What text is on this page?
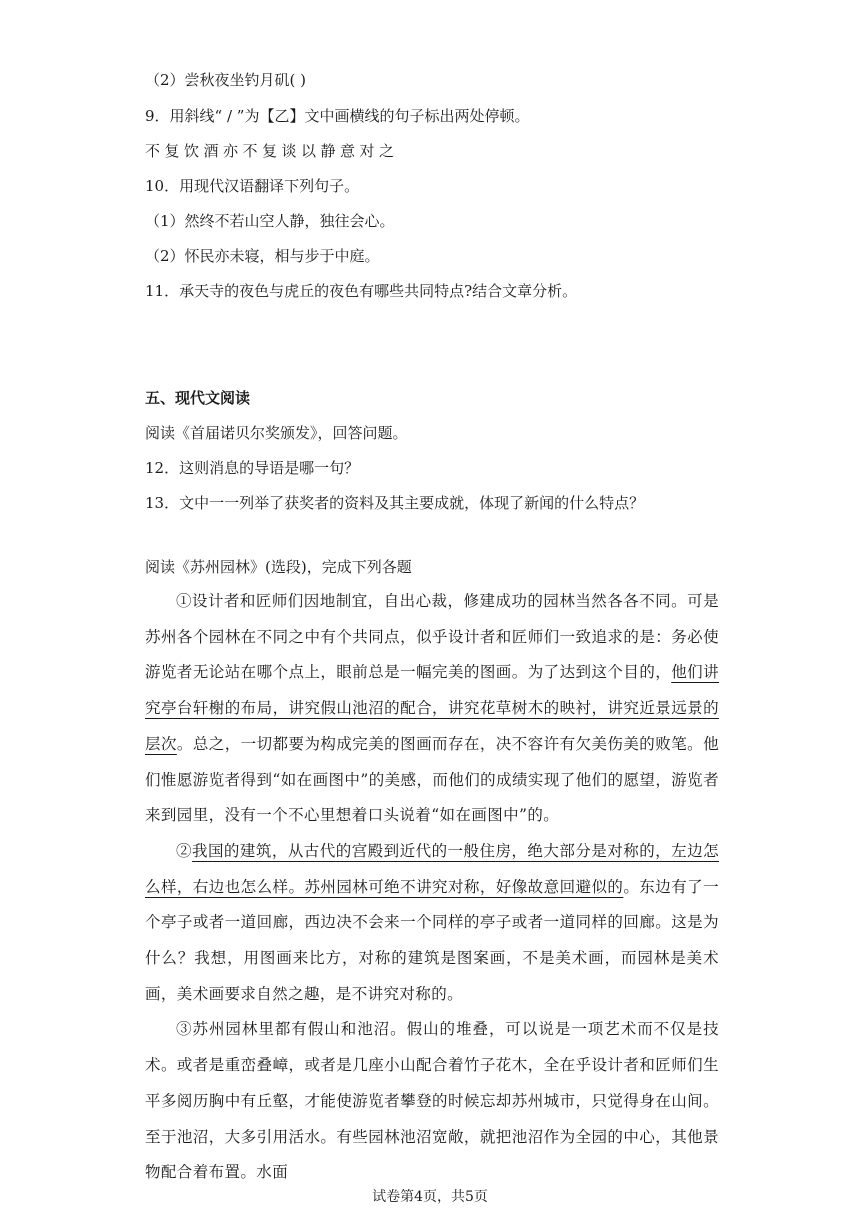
（2）尝秋夜坐钓月矶( )
9．用斜线“ / ”为【乙】文中画横线的句子标出两处停顿。
不复饮酒亦不复谈以静意对之
10．用现代汉语翻译下列句子。
（1）然终不若山空人静，独往会心。
（2）怀民亦未寝，相与步于中庭。
11．承天寺的夜色与虎丘的夜色有哪些共同特点?结合文章分析。
五、现代文阅读
阅读《首届诺贝尔奖颁发》，回答问题。
12．这则消息的导语是哪一句？
13．文中一一列举了获奖者的资料及其主要成就，体现了新闻的什么特点？
阅读《苏州园林》(选段)，完成下列各题

①设计者和匠师们因地制宜，自出心裁，修建成功的园林当然各各不同。可是苏州各个园林在不同之中有个共同点，似乎设计者和匠师们一致追求的是：务必使游览者无论站在哪个点上，眼前总是一幅完美的图画。为了达到这个目的，他们讲究亭台轩榭的布局，讲究假山池沼的配合，讲究花草树木的映衬，讲究近景远景的层次。总之，一切都要为构成完美的图画而存在，决不容许有欠美伤美的败笔。他们惟愿游览者得到“如在画图中”的美感，而他们的成绩实现了他们的愿望，游览者来到园里，没有一个不心里想着口头说着“如在画图中”的。

②我国的建筑，从古代的宫殿到近代的一般住房，绝大部分是对称的，左边怎么样，右边也怎么样。苏州园林可绝不讲究对称，好像故意回避似的。东边有了一个亭子或者一道回廊，西边决不会来一个同样的亭子或者一道同样的回廊。这是为什么？我想，用图画来比方，对称的建筑是图案画，不是美术画，而园林是美术画，美术画要求自然之趣，是不讲究对称的。

③苏州园林里都有假山和池沼。假山的堆叠，可以说是一项艺术而不仅是技术。或者是重峦叠嶂，或者是几座小山配合着竹子花木，全在乎设计者和匠师们生平多阅历胸中有丘壑，才能使游览者攀登的时候忘却苏州城市，只觉得身在山间。至于池沼，大多引用活水。有些园林池沼宽敞，就把池沼作为全园的中心，其他景物配合着布置。水面

试卷第4页，共5页
